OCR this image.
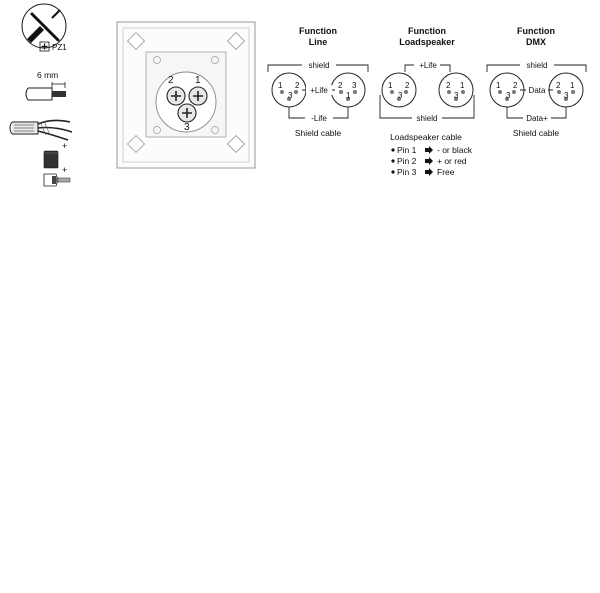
PZ1
6 mm
+
+
2 1
3
Function
Line
shield
1 2
3
2 3
1
+Life
-Life
Shield cable
Function
Loadspeaker
+Life
1 2
3
2 1
3
shield
Loadspeaker cable
Pin 1 - or black
Pin 2 + or red
Pin 3 Free
Function
DMX
shield
1 2
3
2 1
3
Data
Data+
Shield cable
